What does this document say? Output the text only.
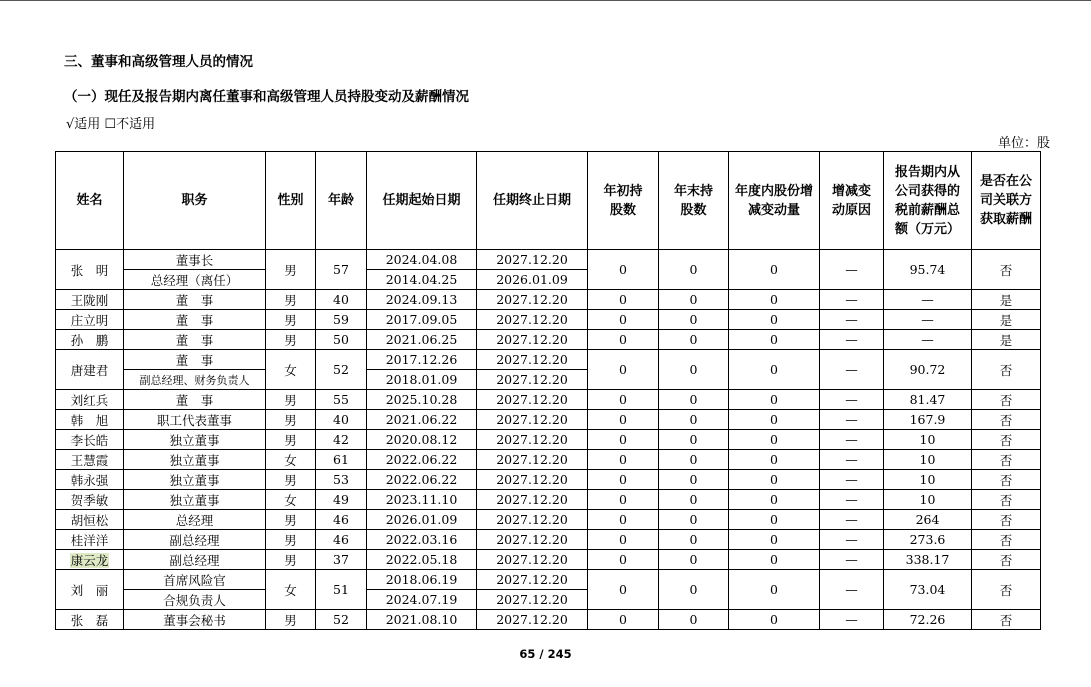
三、董事和高级管理人员的情况
（一）现任及报告期内离任董事和高级管理人员持股变动及薪酬情况
√适用 ☐不适用
单位：股
姓名	职务	性别	年龄	任期起始日期	任期终止日期	年初持股数	年末持股数	年度内股份增减变动量	增减变动原因	报告期内从公司获得的税前薪酬总额（万元）	是否在公司关联方获取薪酬
张　明	董事长	男	57	2024.04.08	2027.12.20	0	0	0	—	95.74	否
	总经理（离任）			2014.04.25	2026.01.09						
王陇刚	董　事	男	40	2024.09.13	2027.12.20	0	0	0	—	—	是
庄立明	董　事	男	59	2017.09.05	2027.12.20	0	0	0	—	—	是
孙　鹏	董　事	男	50	2021.06.25	2027.12.20	0	0	0	—	—	是
唐建君	董　事	女	52	2017.12.26	2027.12.20	0	0	0	—	90.72	否
	副总经理、财务负责人			2018.01.09	2027.12.20						
刘红兵	董　事	男	55	2025.10.28	2027.12.20	0	0	0	—	81.47	否
韩　旭	职工代表董事	男	40	2021.06.22	2027.12.20	0	0	0	—	167.9	否
李长皓	独立董事	男	42	2020.08.12	2027.12.20	0	0	0	—	10	否
王慧霞	独立董事	女	61	2022.06.22	2027.12.20	0	0	0	—	10	否
韩永强	独立董事	男	53	2022.06.22	2027.12.20	0	0	0	—	10	否
贺季敏	独立董事	女	49	2023.11.10	2027.12.20	0	0	0	—	10	否
胡恒松	总经理	男	46	2026.01.09	2027.12.20	0	0	0	—	264	否
桂洋洋	副总经理	男	46	2022.03.16	2027.12.20	0	0	0	—	273.6	否
康云龙	副总经理	男	37	2022.05.18	2027.12.20	0	0	0	—	338.17	否
刘　丽	首席风险官	女	51	2018.06.19	2027.12.20	0	0	0	—	73.04	否
	合规负责人			2024.07.19	2027.12.20						
张　磊	董事会秘书	男	52	2021.08.10	2027.12.20	0	0	0	—	72.26	否
65 / 245
